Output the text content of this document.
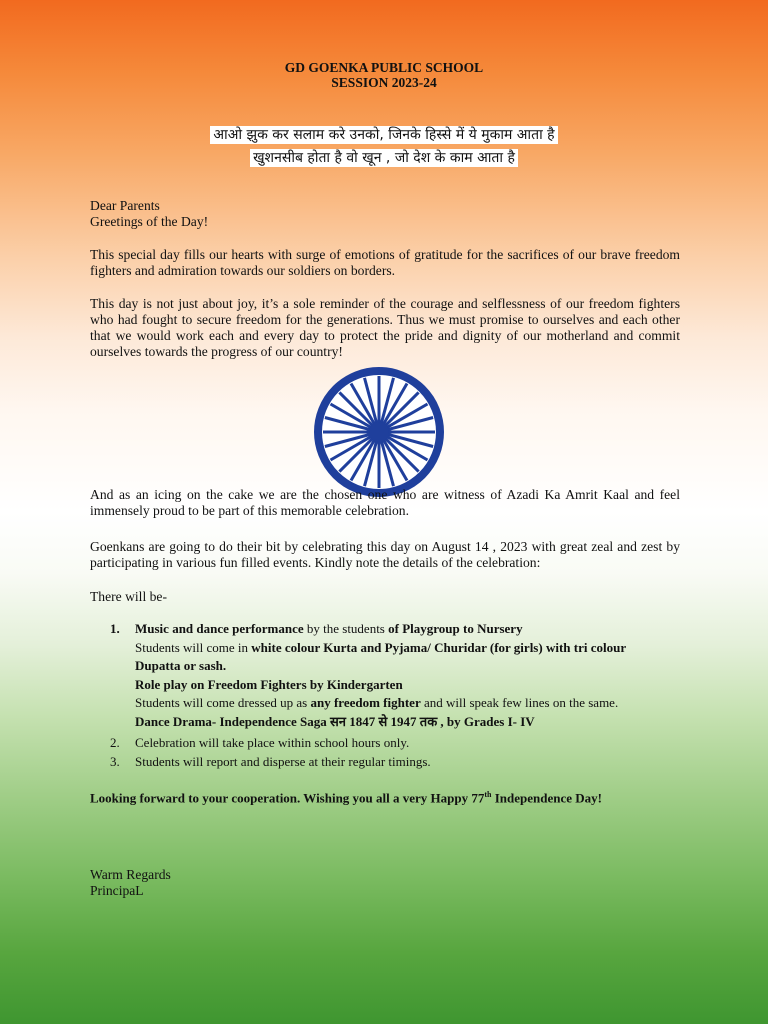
GD GOENKA PUBLIC SCHOOL
SESSION 2023-24
आओ झुक कर सलाम करे उनको, जिनके हिस्से में ये मुकाम आता है
खुशनसीब होता है वो खून , जो देश के काम आता है
Dear Parents
Greetings of the Day!
This special day fills our hearts with surge of emotions of gratitude for the sacrifices of our brave freedom fighters and admiration towards our soldiers on borders.
This day is not just about joy, it’s a sole reminder of the courage and selflessness of our freedom fighters who had fought to secure freedom for the generations. Thus we must promise to ourselves and each other that we would work each and every day to protect the pride and dignity of our motherland and commit ourselves towards the progress of our country!
And as an icing on the cake we are the chosen one who are witness of Azadi Ka Amrit Kaal and feel immensely proud to be part of this memorable celebration.
Goenkans are going to do their bit by celebrating this day on August 14 , 2023 with great zeal and zest by participating in various fun filled events. Kindly note the details of the celebration:
There will be-
1.	Music and dance performance by the students of Playgroup to Nursery
Students will come in white colour Kurta and Pyjama/ Churidar (for girls) with tri colour
Dupatta or sash.
Role play on Freedom Fighters by Kindergarten
Students will come dressed up as any freedom fighter and will speak few lines on the same.
Dance Drama- Independence Saga सन 1847 से 1947 तक , by Grades I- IV
2.	Celebration will take place within school hours only.
3.	Students will report and disperse at their regular timings.
Looking forward to your cooperation. Wishing you all a very Happy 77th Independence Day!
Warm Regards
PrincipaL
